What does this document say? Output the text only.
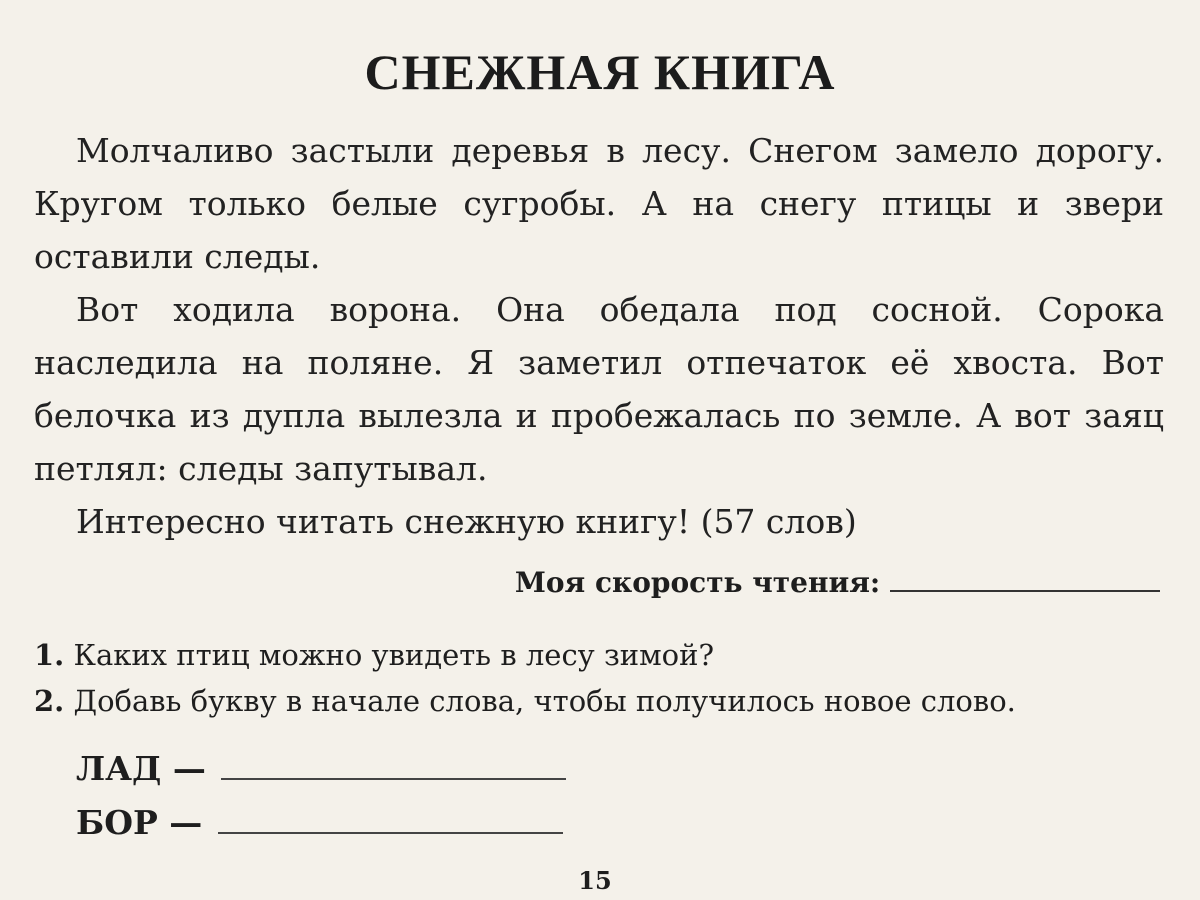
СНЕЖНАЯ КНИГА

Молчаливо застыли деревья в лесу. Снегом замело дорогу. Кругом только белые сугробы. А на снегу птицы и звери оставили следы.

Вот ходила ворона. Она обедала под сосной. Сорока наследила на поляне. Я заметил отпечаток её хвоста. Вот белочка из дупла вылезла и пробежалась по земле. А вот заяц петлял: следы запутывал.

Интересно читать снежную книгу! (57 слов)

Моя скорость чтения:
1. Каких птиц можно увидеть в лесу зимой?
2. Добавь букву в начале слова, чтобы получилось новое слово.
ЛАД —
БОР —
15
